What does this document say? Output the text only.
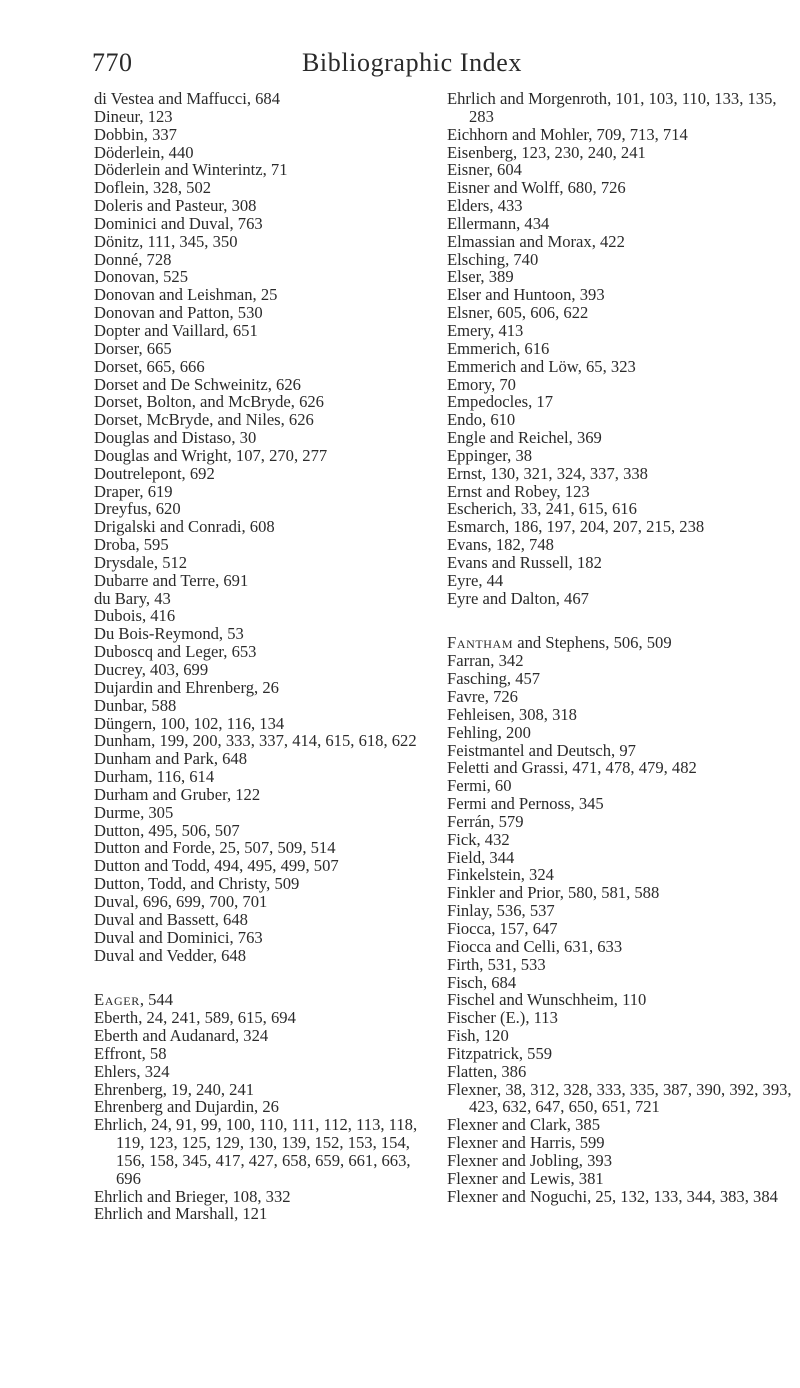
770	Bibliographic Index
di Vestea and Maffucci, 684
Dineur, 123
Dobbin, 337
Döderlein, 440
Döderlein and Winterintz, 71
Doflein, 328, 502
Doleris and Pasteur, 308
Dominici and Duval, 763
Dönitz, 111, 345, 350
Donné, 728
Donovan, 525
Donovan and Leishman, 25
Donovan and Patton, 530
Dopter and Vaillard, 651
Dorser, 665
Dorset, 665, 666
Dorset and De Schweinitz, 626
Dorset, Bolton, and McBryde, 626
Dorset, McBryde, and Niles, 626
Douglas and Distaso, 30
Douglas and Wright, 107, 270, 277
Doutrelepont, 692
Draper, 619
Dreyfus, 620
Drigalski and Conradi, 608
Droba, 595
Drysdale, 512
Dubarre and Terre, 691
du Bary, 43
Dubois, 416
Du Bois-Reymond, 53
Duboscq and Leger, 653
Ducrey, 403, 699
Dujardin and Ehrenberg, 26
Dunbar, 588
Düngern, 100, 102, 116, 134
Dunham, 199, 200, 333, 337, 414, 615, 618, 622
Dunham and Park, 648
Durham, 116, 614
Durham and Gruber, 122
Durme, 305
Dutton, 495, 506, 507
Dutton and Forde, 25, 507, 509, 514
Dutton and Todd, 494, 495, 499, 507
Dutton, Todd, and Christy, 509
Duval, 696, 699, 700, 701
Duval and Bassett, 648
Duval and Dominici, 763
Duval and Vedder, 648
Eager, 544
Eberth, 24, 241, 589, 615, 694
Eberth and Audanard, 324
Effront, 58
Ehlers, 324
Ehrenberg, 19, 240, 241
Ehrenberg and Dujardin, 26
Ehrlich, 24, 91, 99, 100, 110, 111, 112, 113, 118, 119, 123, 125, 129, 130, 139, 152, 153, 154, 156, 158, 345, 417, 427, 658, 659, 661, 663, 696
Ehrlich and Brieger, 108, 332
Ehrlich and Marshall, 121
Ehrlich and Morgenroth, 101, 103, 110, 133, 135, 283
Eichhorn and Mohler, 709, 713, 714
Eisenberg, 123, 230, 240, 241
Eisner, 604
Eisner and Wolff, 680, 726
Elders, 433
Ellermann, 434
Elmassian and Morax, 422
Elsching, 740
Elser, 389
Elser and Huntoon, 393
Elsner, 605, 606, 622
Emery, 413
Emmerich, 616
Emmerich and Löw, 65, 323
Emory, 70
Empedocles, 17
Endo, 610
Engle and Reichel, 369
Eppinger, 38
Ernst, 130, 321, 324, 337, 338
Ernst and Robey, 123
Escherich, 33, 241, 615, 616
Esmarch, 186, 197, 204, 207, 215, 238
Evans, 182, 748
Evans and Russell, 182
Eyre, 44
Eyre and Dalton, 467
Fantham and Stephens, 506, 509
Farran, 342
Fasching, 457
Favre, 726
Fehleisen, 308, 318
Fehling, 200
Feistmantel and Deutsch, 97
Feletti and Grassi, 471, 478, 479, 482
Fermi, 60
Fermi and Pernoss, 345
Ferrán, 579
Fick, 432
Field, 344
Finkelstein, 324
Finkler and Prior, 580, 581, 588
Finlay, 536, 537
Fiocca, 157, 647
Fiocca and Celli, 631, 633
Firth, 531, 533
Fisch, 684
Fischel and Wunschheim, 110
Fischer (E.), 113
Fish, 120
Fitzpatrick, 559
Flatten, 386
Flexner, 38, 312, 328, 333, 335, 387, 390, 392, 393, 423, 632, 647, 650, 651, 721
Flexner and Clark, 385
Flexner and Harris, 599
Flexner and Jobling, 393
Flexner and Lewis, 381
Flexner and Noguchi, 25, 132, 133, 344, 383, 384
